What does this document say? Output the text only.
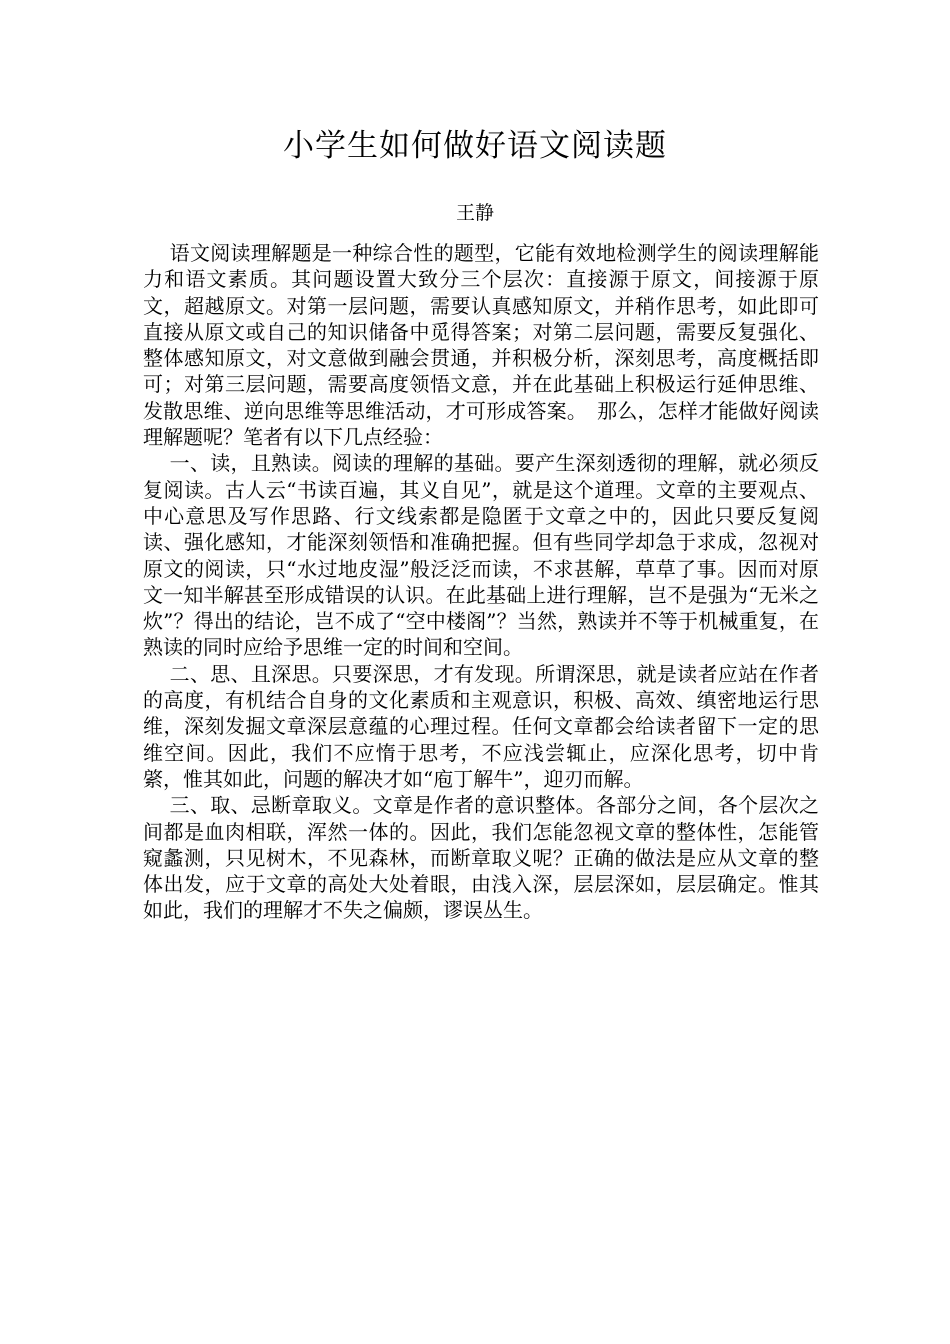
小学生如何做好语文阅读题
王静

语文阅读理解题是一种综合性的题型，它能有效地检测学生的阅读理解能力和语文素质。其问题设置大致分三个层次：直接源于原文，间接源于原文，超越原文。对第一层问题，需要认真感知原文，并稍作思考，如此即可直接从原文或自己的知识储备中觅得答案；对第二层问题，需要反复强化、整体感知原文，对文意做到融会贯通，并积极分析，深刻思考，高度概括即可；对第三层问题，需要高度领悟文意，并在此基础上积极运行延伸思维、发散思维、逆向思维等思维活动，才可形成答案。　那么，怎样才能做好阅读理解题呢？笔者有以下几点经验：

一、读，且熟读。阅读的理解的基础。要产生深刻透彻的理解，就必须反复阅读。古人云“书读百遍，其义自见”，就是这个道理。文章的主要观点、中心意思及写作思路、行文线索都是隐匿于文章之中的，因此只要反复阅读、强化感知，才能深刻领悟和准确把握。但有些同学却急于求成，忽视对原文的阅读，只“水过地皮湿”般泛泛而读，不求甚解，草草了事。因而对原文一知半解甚至形成错误的认识。在此基础上进行理解，岂不是强为“无米之炊”？得出的结论，岂不成了“空中楼阁”？当然，熟读并不等于机械重复，在熟读的同时应给予思维一定的时间和空间。

二、思、且深思。只要深思，才有发现。所谓深思，就是读者应站在作者的高度，有机结合自身的文化素质和主观意识，积极、高效、缜密地运行思维，深刻发掘文章深层意蕴的心理过程。任何文章都会给读者留下一定的思维空间。因此，我们不应惰于思考，不应浅尝辄止，应深化思考，切中肯綮，惟其如此，问题的解决才如“庖丁解牛”，迎刃而解。

三、取、忌断章取义。文章是作者的意识整体。各部分之间，各个层次之间都是血肉相联，浑然一体的。因此，我们怎能忽视文章的整体性，怎能管窥蠡测，只见树木，不见森林，而断章取义呢？正确的做法是应从文章的整体出发，应于文章的高处大处着眼，由浅入深，层层深如，层层确定。惟其如此，我们的理解才不失之偏颇，谬误丛生。
